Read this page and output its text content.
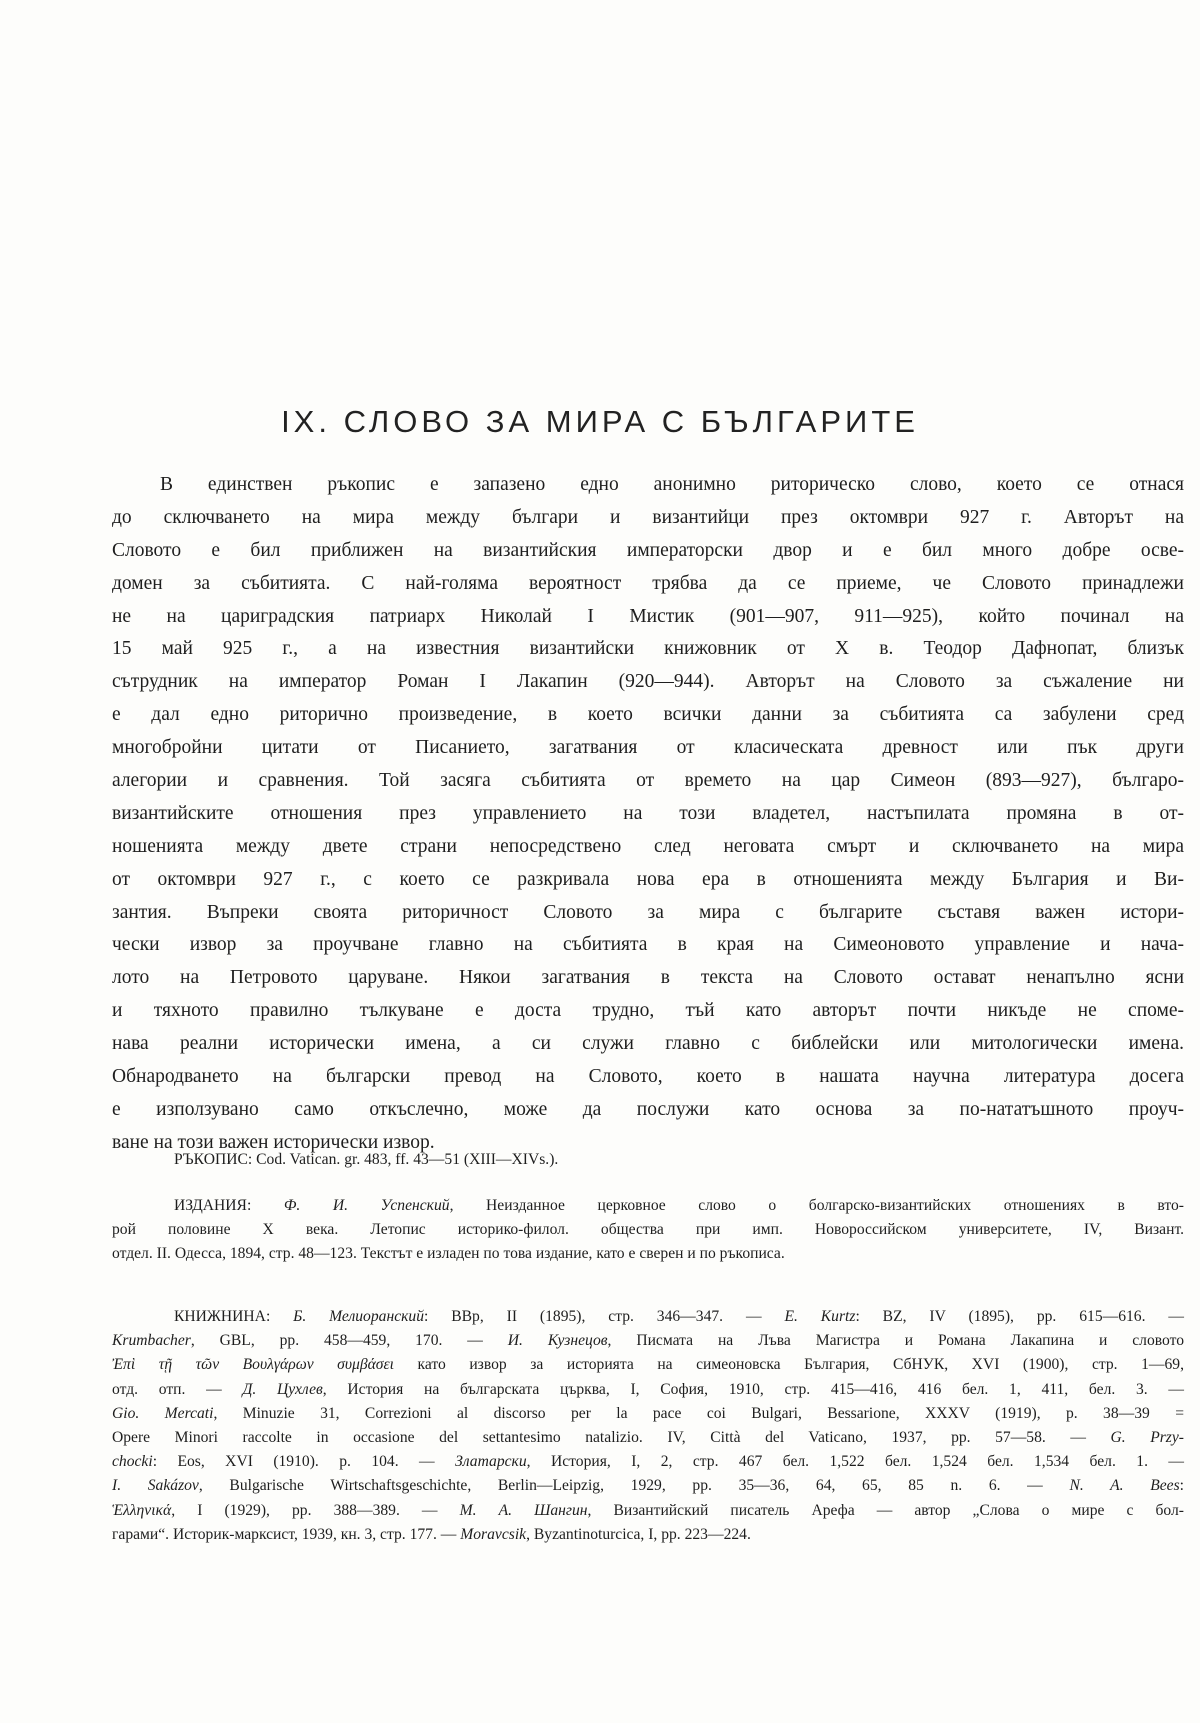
IX. СЛОВО ЗА МИРА С БЪЛГАРИТЕ
В единствен ръкопис е запазено едно анонимно риторическо слово, което се отнася
до сключването на мира между българи и византийци през октомври 927 г. Авторът на
Словото е бил приближен на византийския императорски двор и е бил много добре осве-
домен за събитията. С най-голяма вероятност трябва да се приеме, че Словото принадлежи
не на цариградския патриарх Николай I Мистик (901—907, 911—925), който починал на
15 май 925 г., а на известния византийски книжовник от X в. Теодор Дафнопат, близък
сътрудник на император Роман I Лакапин (920—944). Авторът на Словото за съжаление ни
е дал едно риторично произведение, в което всички данни за събитията са забулени сред
многобройни цитати от Писанието, загатвания от класическата древност или пък други
алегории и сравнения. Той засяга събитията от времето на цар Симеон (893—927), българо-
византийските отношения през управлението на този владетел, настъпилата промяна в от-
ношенията между двете страни непосредствено след неговата смърт и сключването на мира
от октомври 927 г., с което се разкривала нова ера в отношенията между България и Ви-
зантия. Въпреки своята риторичност Словото за мира с българите съставя важен истори-
чески извор за проучване главно на събитията в края на Симеоновото управление и нача-
лото на Петровото царуване. Някои загатвания в текста на Словото остават ненапълно ясни
и тяхното правилно тълкуване е доста трудно, тъй като авторът почти никъде не споме-
нава реални исторически имена, а си служи главно с библейски или митологически имена.
Обнародването на български превод на Словото, което в нашата научна литература досега
е използувано само откъслечно, може да послужи като основа за по-нататъшното проуч-
ване на този важен исторически извор.
РЪКОПИС: Cod. Vatican. gr. 483, ff. 43—51 (XIII—XIVs.).
ИЗДАНИЯ: Ф. И. Успенский, Неизданное церковное слово о болгарско-византийских отношениях в вто-
рой половине X века. Летопис историко-филол. общества при имп. Новороссийском университете, IV, Визант.
отдел. II. Одесса, 1894, стр. 48—123. Текстът е изладен по това издание, като е сверен и по ръкописа.
КНИЖНИНА: Б. Мелиоранский: BBp, II (1895), стр. 346—347. — E. Kurtz: BZ, IV (1895), pp. 615—616. —
Krumbacher, GBL, pp. 458—459, 170. — И. Кузнецов, Писмата на Лъва Магистра и Романа Лакапина и словото
Ἐπὶ τῇ τῶν Βουλγάρων συμβάσει като извор за историята на симеоновска България, СбНУК, XVI (1900), стр. 1—69,
отд. отп. — Д. Цухлев, История на българската църква, I, София, 1910, стр. 415—416, 416 бел. 1, 411, бел. 3. —
Gio. Mercati, Minuzie 31, Correzioni al discorso per la pace coi Bulgari, Bessarione, XXXV (1919), p. 38—39 =
Opere Minori raccolte in occasione del settantesimo natalizio. IV, Città del Vaticano, 1937, pp. 57—58. — G. Przy-
chocki: Eos, XVI (1910). p. 104. — Златарски, История, I, 2, стр. 467 бел. 1,522 бел. 1,524 бел. 1,534 бел. 1. —
I. Sakázov, Bulgarische Wirtschaftsgeschichte, Berlin—Leipzig, 1929, pp. 35—36, 64, 65, 85 n. 6. — N. A. Bees:
Ἑλληνικά, I (1929), pp. 388—389. — М. А. Шангин, Византийский писатель Арефа — автор „Слова о мире с бол-
гарами“. Историк-марксист, 1939, кн. 3, стр. 177. — Moravcsik, Byzantinoturcica, I, pp. 223—224.
